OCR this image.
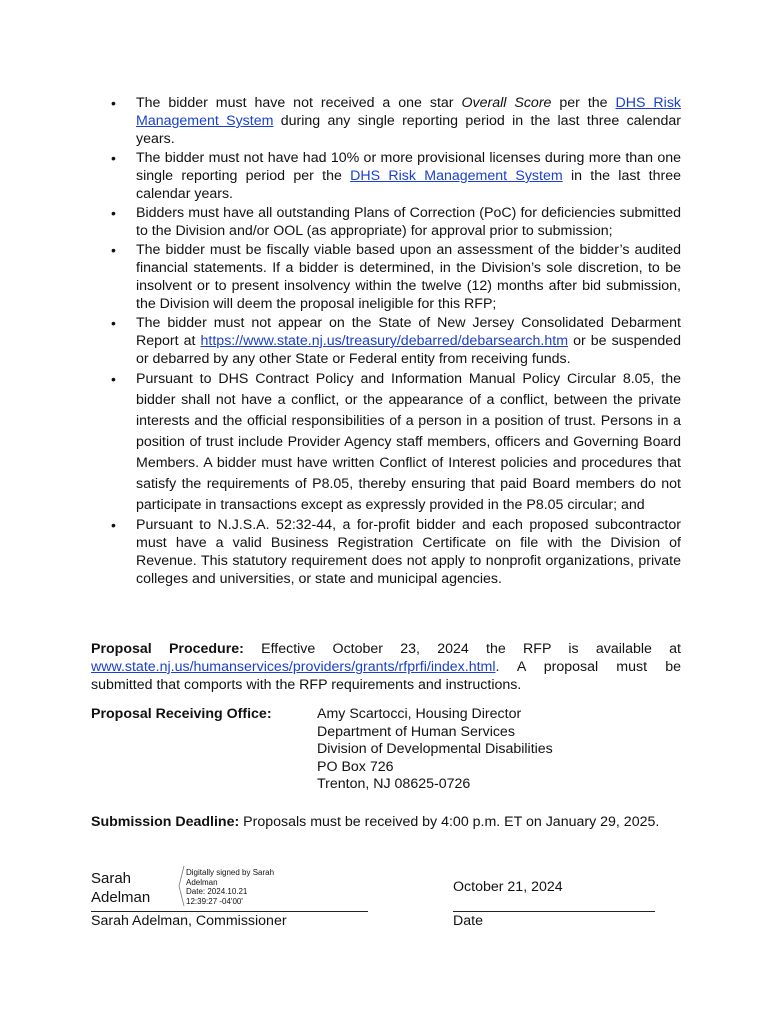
• The bidder must have not received a one star Overall Score per the DHS Risk Management System during any single reporting period in the last three calendar years.
• The bidder must not have had 10% or more provisional licenses during more than one single reporting period per the DHS Risk Management System in the last three calendar years.
• Bidders must have all outstanding Plans of Correction (PoC) for deficiencies submitted to the Division and/or OOL (as appropriate) for approval prior to submission;
• The bidder must be fiscally viable based upon an assessment of the bidder’s audited financial statements. If a bidder is determined, in the Division’s sole discretion, to be insolvent or to present insolvency within the twelve (12) months after bid submission, the Division will deem the proposal ineligible for this RFP;
• The bidder must not appear on the State of New Jersey Consolidated Debarment Report at https://www.state.nj.us/treasury/debarred/debarsearch.htm or be suspended or debarred by any other State or Federal entity from receiving funds.
• Pursuant to DHS Contract Policy and Information Manual Policy Circular 8.05, the bidder shall not have a conflict, or the appearance of a conflict, between the private interests and the official responsibilities of a person in a position of trust. Persons in a position of trust include Provider Agency staff members, officers and Governing Board Members. A bidder must have written Conflict of Interest policies and procedures that satisfy the requirements of P8.05, thereby ensuring that paid Board members do not participate in transactions except as expressly provided in the P8.05 circular; and
• Pursuant to N.J.S.A. 52:32-44, a for-profit bidder and each proposed subcontractor must have a valid Business Registration Certificate on file with the Division of Revenue. This statutory requirement does not apply to nonprofit organizations, private colleges and universities, or state and municipal agencies.
Proposal Procedure: Effective October 23, 2024 the RFP is available at www.state.nj.us/humanservices/providers/grants/rfprfi/index.html. A proposal must be submitted that comports with the RFP requirements and instructions.
Proposal Receiving Office:	Amy Scartocci, Housing Director
Department of Human Services
Division of Developmental Disabilities
PO Box 726
Trenton, NJ 08625-0726
Submission Deadline: Proposals must be received by 4:00 p.m. ET on January 29, 2025.
Sarah
Adelman
Digitally signed by Sarah
Adelman
Date: 2024.10.21
12:39:27 -04'00'
Sarah Adelman, Commissioner
October 21, 2024
Date
